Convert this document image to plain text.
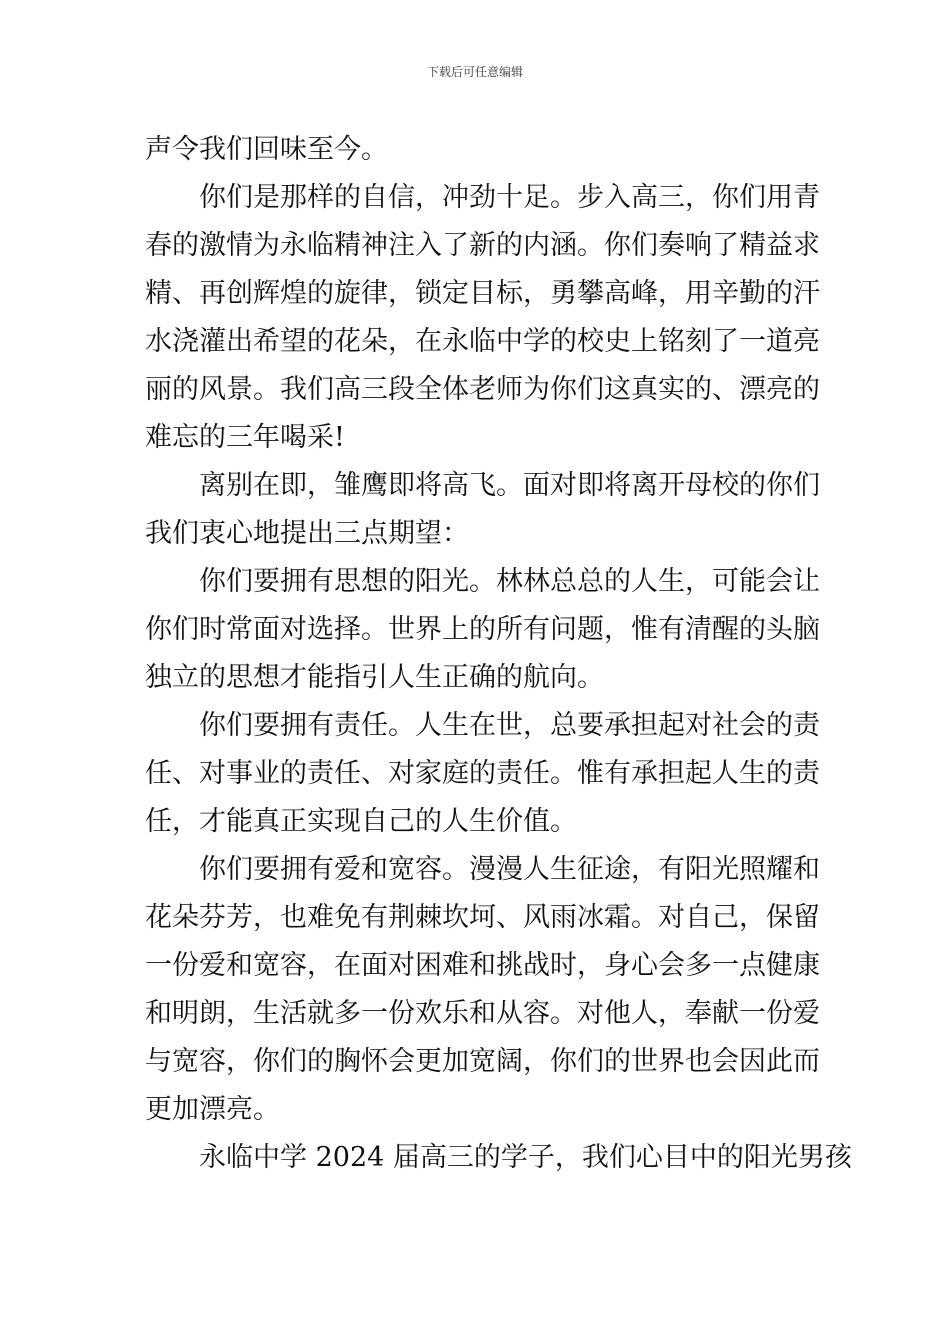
下载后可任意编辑
声令我们回味至今。
你们是那样的自信，冲劲十足。步入高三，你们用青
春的激情为永临精神注入了新的内涵。你们奏响了精益求
精、再创辉煌的旋律，锁定目标，勇攀高峰，用辛勤的汗
水浇灌出希望的花朵，在永临中学的校史上铭刻了一道亮
丽的风景。我们高三段全体老师为你们这真实的、漂亮的
难忘的三年喝采!
离别在即，雏鹰即将高飞。面对即将离开母校的你们
我们衷心地提出三点期望：
你们要拥有思想的阳光。林林总总的人生，可能会让
你们时常面对选择。世界上的所有问题，惟有清醒的头脑
独立的思想才能指引人生正确的航向。
你们要拥有责任。人生在世，总要承担起对社会的责
任、对事业的责任、对家庭的责任。惟有承担起人生的责
任，才能真正实现自己的人生价值。
你们要拥有爱和宽容。漫漫人生征途，有阳光照耀和
花朵芬芳，也难免有荆棘坎坷、风雨冰霜。对自己，保留
一份爱和宽容，在面对困难和挑战时，身心会多一点健康
和明朗，生活就多一份欢乐和从容。对他人，奉献一份爱
与宽容，你们的胸怀会更加宽阔，你们的世界也会因此而
更加漂亮。
永临中学 2024 届高三的学子，我们心目中的阳光男孩
